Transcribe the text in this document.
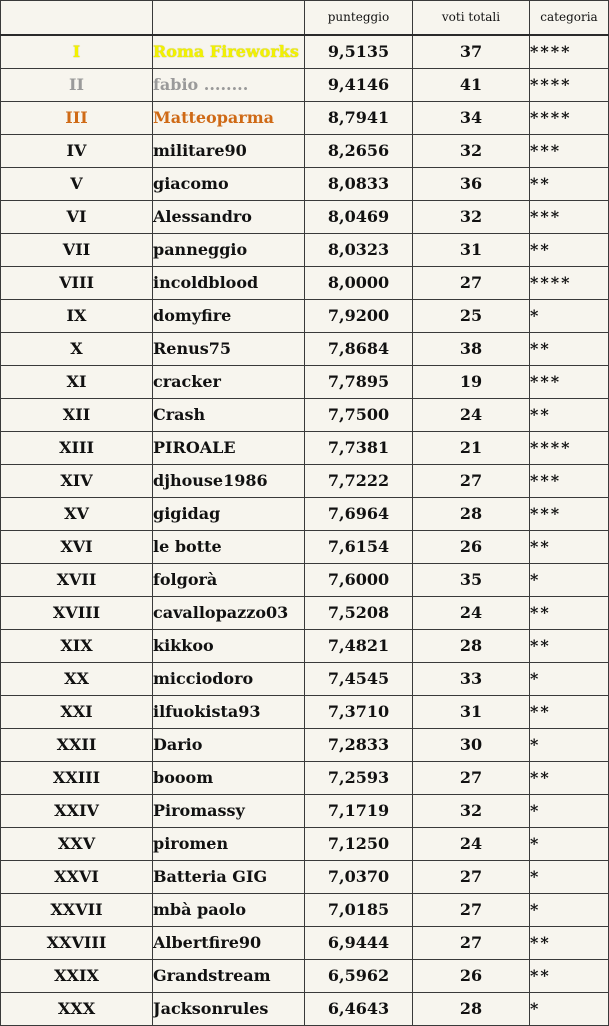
		punteggio	voti totali	categoria
I	Roma Fireworks	9,5135	37	****
II	fabio ........	9,4146	41	****
III	Matteoparma	8,7941	34	****
IV	militare90	8,2656	32	***
V	giacomo	8,0833	36	**
VI	Alessandro	8,0469	32	***
VII	panneggio	8,0323	31	**
VIII	incoldblood	8,0000	27	****
IX	domyfire	7,9200	25	*
X	Renus75	7,8684	38	**
XI	cracker	7,7895	19	***
XII	Crash	7,7500	24	**
XIII	PIROALE	7,7381	21	****
XIV	djhouse1986	7,7222	27	***
XV	gigidag	7,6964	28	***
XVI	le botte	7,6154	26	**
XVII	folgorà	7,6000	35	*
XVIII	cavallopazzo03	7,5208	24	**
XIX	kikkoo	7,4821	28	**
XX	micciodoro	7,4545	33	*
XXI	ilfuokista93	7,3710	31	**
XXII	Dario	7,2833	30	*
XXIII	booom	7,2593	27	**
XXIV	Piromassy	7,1719	32	*
XXV	piromen	7,1250	24	*
XXVI	Batteria GIG	7,0370	27	*
XXVII	mbà paolo	7,0185	27	*
XXVIII	Albertfire90	6,9444	27	**
XXIX	Grandstream	6,5962	26	**
XXX	Jacksonrules	6,4643	28	*
